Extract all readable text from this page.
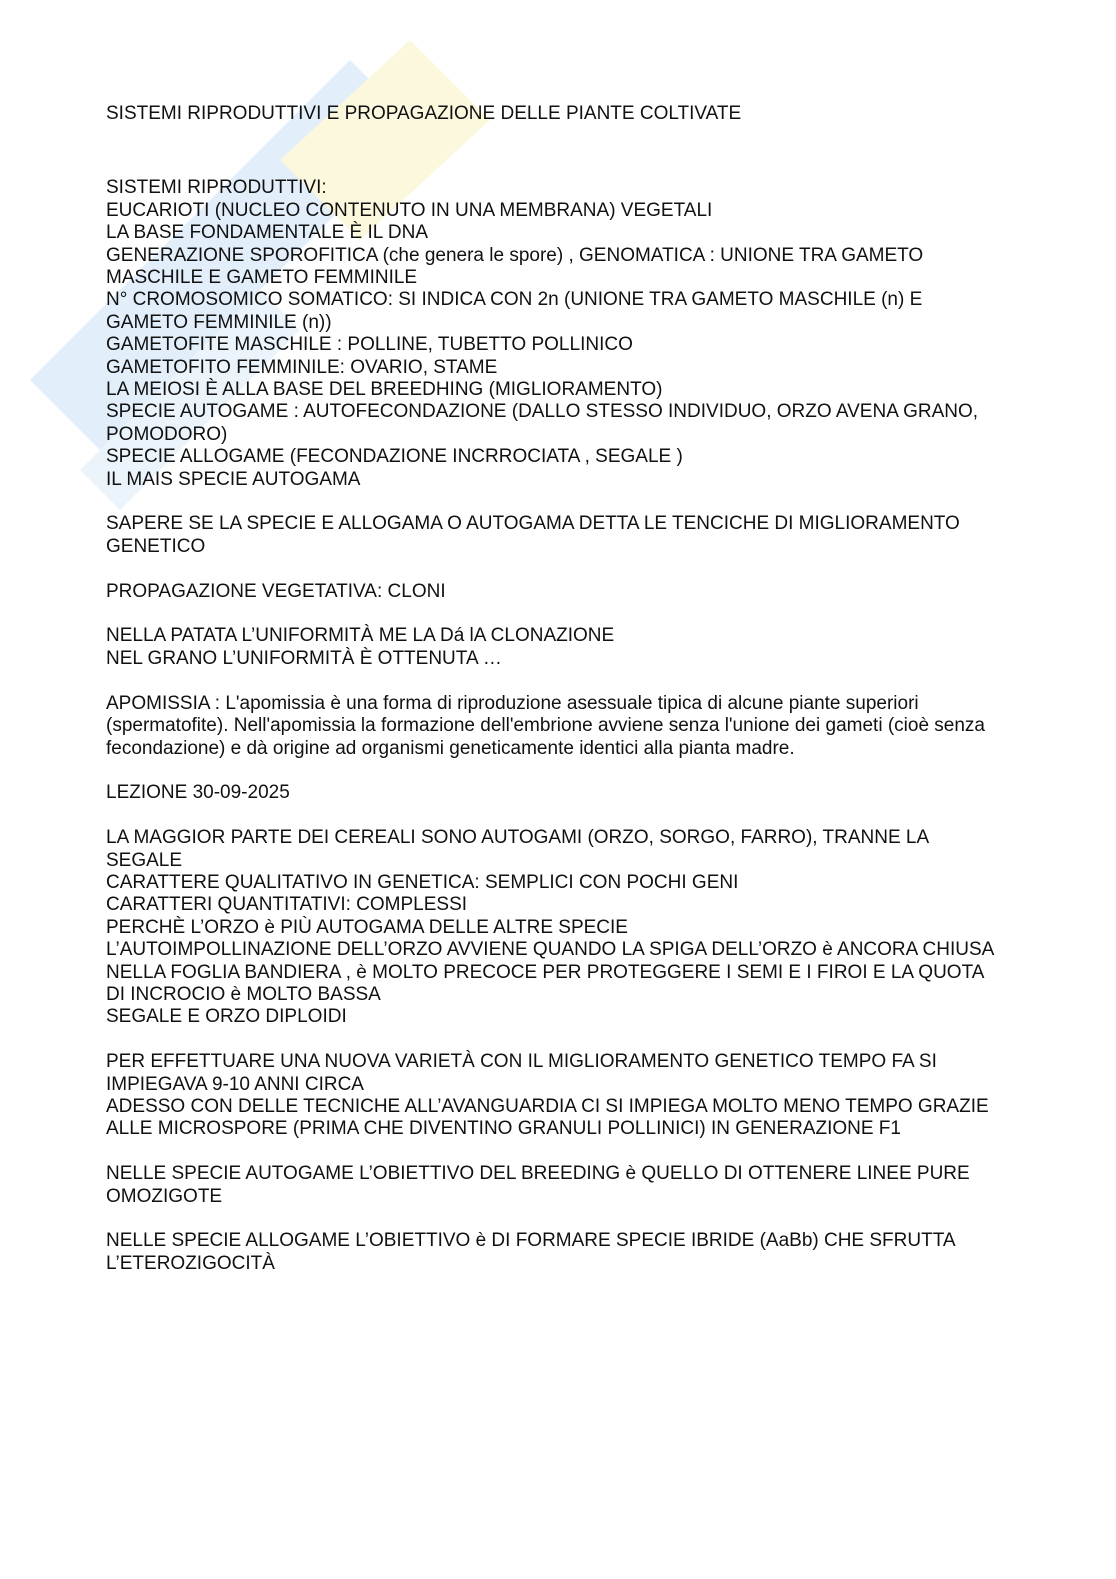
SISTEMI RIPRODUTTIVI E PROPAGAZIONE DELLE PIANTE COLTIVATE
SISTEMI RIPRODUTTIVI:
EUCARIOTI (NUCLEO CONTENUTO IN UNA MEMBRANA) VEGETALI
LA BASE FONDAMENTALE È IL DNA
GENERAZIONE SPOROFITICA (che genera le spore) , GENOMATICA : UNIONE TRA GAMETO MASCHILE E GAMETO FEMMINILE
N° CROMOSOMICO SOMATICO: SI INDICA CON 2n (UNIONE TRA GAMETO MASCHILE (n) E GAMETO FEMMINILE (n))
GAMETOFITE MASCHILE : POLLINE, TUBETTO POLLINICO
GAMETOFITO FEMMINILE: OVARIO, STAME
LA MEIOSI È ALLA BASE DEL BREEDHING (MIGLIORAMENTO)
SPECIE AUTOGAME : AUTOFECONDAZIONE (DALLO STESSO INDIVIDUO, ORZO AVENA GRANO, POMODORO)
SPECIE ALLOGAME (FECONDAZIONE INCRROCIATA , SEGALE )
IL MAIS SPECIE AUTOGAMA
SAPERE SE LA SPECIE E ALLOGAMA O AUTOGAMA DETTA LE TENCICHE DI MIGLIORAMENTO GENETICO
PROPAGAZIONE VEGETATIVA: CLONI
NELLA PATATA L’UNIFORMITÀ ME LA Dá lA CLONAZIONE
NEL GRANO L’UNIFORMITÀ È OTTENUTA …
APOMISSIA : L'apomissia è una forma di riproduzione asessuale tipica di alcune piante superiori (spermatofite). Nell'apomissia la formazione dell'embrione avviene senza l'unione dei gameti (cioè senza fecondazione) e dà origine ad organismi geneticamente identici alla pianta madre.
LEZIONE 30-09-2025
LA MAGGIOR PARTE DEI CEREALI SONO AUTOGAMI (ORZO, SORGO, FARRO), TRANNE LA SEGALE
CARATTERE QUALITATIVO IN GENETICA: SEMPLICI CON POCHI GENI
CARATTERI QUANTITATIVI: COMPLESSI
PERCHÈ L’ORZO è PIÙ AUTOGAMA DELLE ALTRE SPECIE
L’AUTOIMPOLLINAZIONE DELL’ORZO AVVIENE QUANDO LA SPIGA DELL’ORZO è ANCORA CHIUSA NELLA FOGLIA BANDIERA , è MOLTO PRECOCE PER PROTEGGERE I SEMI E I FIROI E LA QUOTA DI INCROCIO è MOLTO BASSA
SEGALE E ORZO DIPLOIDI
PER EFFETTUARE UNA NUOVA VARIETÀ CON IL MIGLIORAMENTO GENETICO TEMPO FA SI IMPIEGAVA 9-10 ANNI CIRCA
ADESSO CON DELLE TECNICHE ALL’AVANGUARDIA CI SI IMPIEGA MOLTO MENO TEMPO GRAZIE ALLE MICROSPORE (PRIMA CHE DIVENTINO GRANULI POLLINICI) IN GENERAZIONE F1
NELLE SPECIE AUTOGAME L’OBIETTIVO DEL BREEDING è QUELLO DI OTTENERE LINEE PURE OMOZIGOTE
NELLE SPECIE ALLOGAME L’OBIETTIVO è DI FORMARE SPECIE IBRIDE (AaBb) CHE SFRUTTA L’ETEROZIGOCITÀ
